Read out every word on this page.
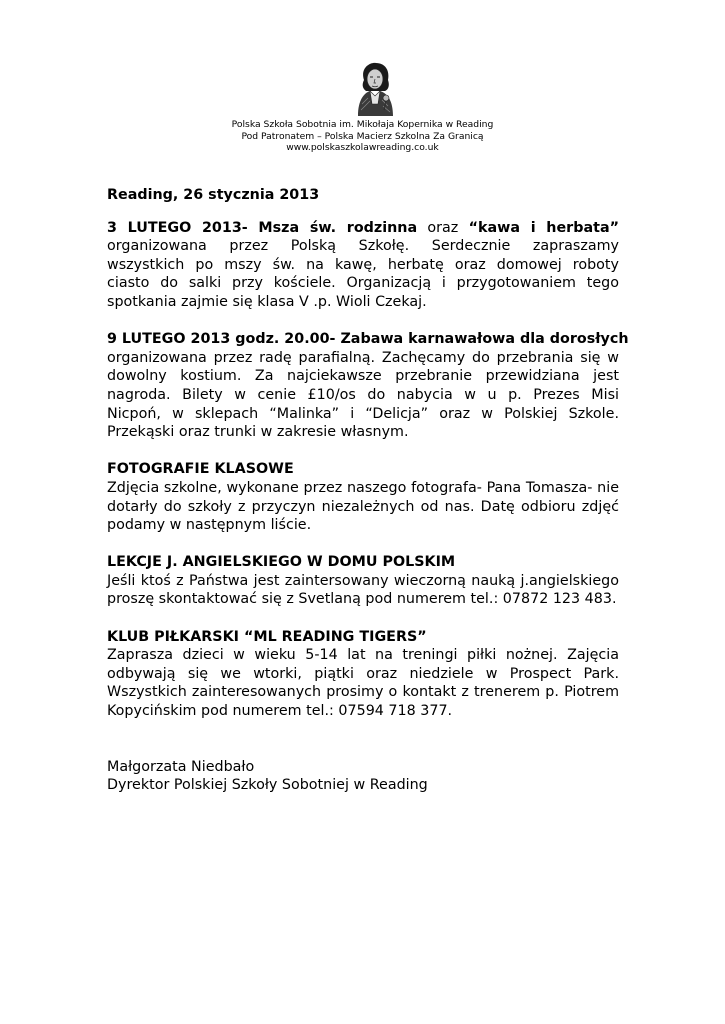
Polska Szkoła Sobotnia im. Mikołaja Kopernika w Reading
Pod Patronatem – Polska Macierz Szkolna Za Granicą
www.polskaszkolawreading.co.uk
Reading, 26 stycznia 2013
3 LUTEGO 2013- Msza św. rodzinna oraz “kawa i herbata”
organizowana przez Polską Szkołę. Serdecznie zapraszamy
wszystkich po mszy św. na kawę, herbatę oraz domowej roboty
ciasto do salki przy kościele. Organizacją i przygotowaniem tego
spotkania zajmie się klasa V .p. Wioli Czekaj.
9 LUTEGO 2013 godz. 20.00- Zabawa karnawałowa dla dorosłych
organizowana przez radę parafialną. Zachęcamy do przebrania się w
dowolny kostium. Za najciekawsze przebranie przewidziana jest
nagroda. Bilety w cenie £10/os do nabycia w u p. Prezes Misi
Nicpoń, w sklepach “Malinka” i “Delicja” oraz w Polskiej Szkole.
Przekąski oraz trunki w zakresie własnym.
FOTOGRAFIE KLASOWE
Zdjęcia szkolne, wykonane przez naszego fotografa- Pana Tomasza- nie
dotarły do szkoły z przyczyn niezależnych od nas. Datę odbioru zdjęć
podamy w następnym liście.
LEKCJE J. ANGIELSKIEGO W DOMU POLSKIM
Jeśli ktoś z Państwa jest zaintersowany wieczorną nauką j.angielskiego
proszę skontaktować się z Svetlaną pod numerem tel.: 07872 123 483.
KLUB PIŁKARSKI “ML READING TIGERS”
Zaprasza dzieci w wieku 5-14 lat na treningi piłki nożnej. Zajęcia
odbywają się we wtorki, piątki oraz niedziele w Prospect Park.
Wszystkich zainteresowanych prosimy o kontakt z trenerem p. Piotrem
Kopycińskim pod numerem tel.: 07594 718 377.
Małgorzata Niedbało
Dyrektor Polskiej Szkoły Sobotniej w Reading
